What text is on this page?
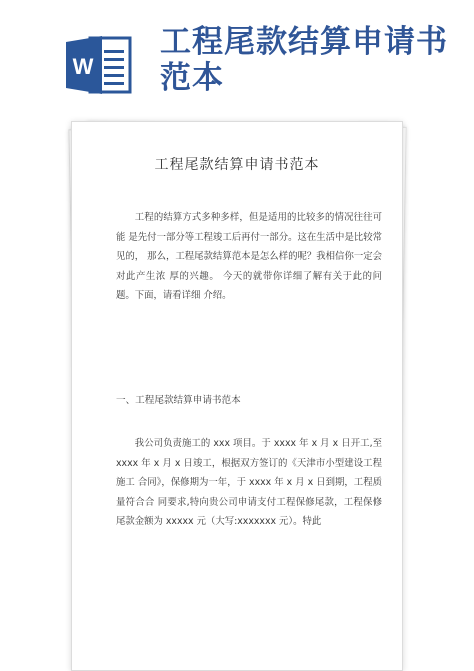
W
工程尾款结算申请书范本
工程尾款结算申请书范本

工程的结算方式多种多样，但是适用的比较多的情况往往可能 是先付一部分等工程竣工后再付一部分。这在生活中是比较常见的， 那么，工程尾款结算范本是怎么样的呢？我相信你一定会对此产生浓 厚的兴趣。 今天的就带你详细了解有关于此的问题。下面，请看详细 介绍。

一、工程尾款结算申请书范本

我公司负责施工的 xxx 项目。于 xxxx 年 x 月 x 日开工,至 xxxx 年 x 月 x 日竣工，根据双方签订的《天津市小型建设工程施工 合同》，保修期为一年，于 xxxx 年 x 月 x 日到期，工程质量符合合 同要求,特向贵公司申请支付工程保修尾款，工程保修尾款金额为 xxxxx 元（大写:xxxxxxx 元）。特此
